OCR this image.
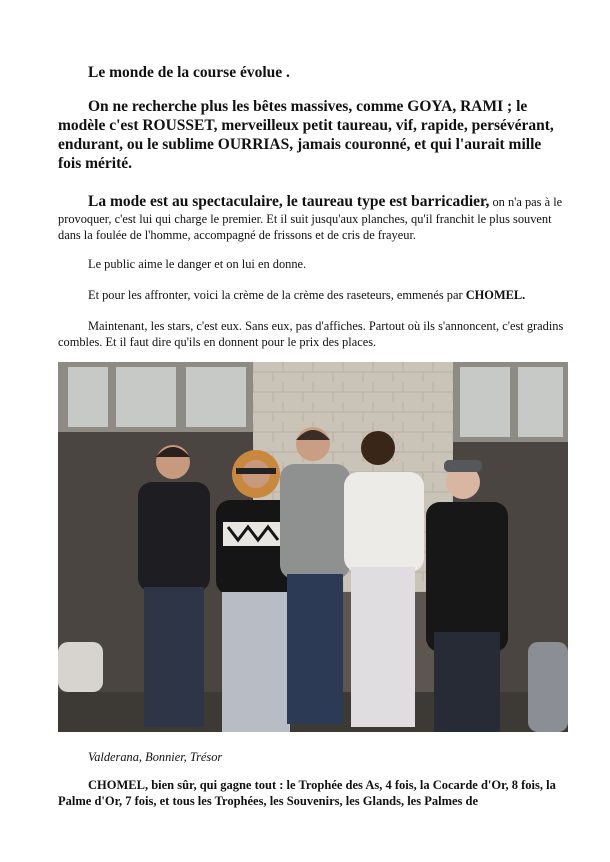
Le monde de la course évolue .

On ne recherche plus les bêtes massives, comme GOYA, RAMI ; le modèle c'est ROUSSET, merveilleux petit taureau, vif, rapide, persévérant, endurant, ou le sublime OURRIAS, jamais couronné, et qui l'aurait mille fois mérité.

La mode est au spectaculaire, le taureau type est barricadier, on n'a pas à le provoquer, c'est lui qui charge le premier. Et il suit jusqu'aux planches, qu'il franchit le plus souvent dans la foulée de l'homme, accompagné de frissons et de cris de frayeur.

Le public aime le danger et on lui en donne.

Et pour les affronter, voici la crème de la crème des raseteurs, emmenés par CHOMEL.

Maintenant, les stars, c'est eux. Sans eux, pas d'affiches. Partout où ils s'annoncent, c'est gradins combles. Et il faut dire qu'ils en donnent pour le prix des places.

Valderana, Bonnier, Trésor

CHOMEL, bien sûr, qui gagne tout : le Trophée des As, 4 fois, la Cocarde d'Or, 8 fois, la Palme d'Or, 7 fois, et tous les Trophées, les Souvenirs, les Glands, les Palmes de
